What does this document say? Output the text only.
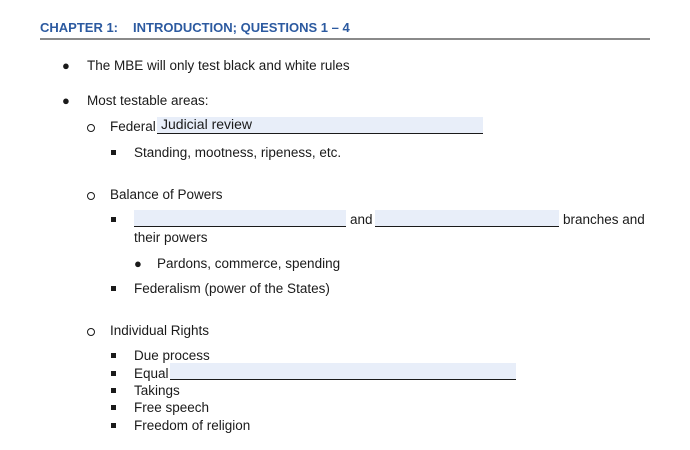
CHAPTER 1: INTRODUCTION; QUESTIONS 1 – 4
● The MBE will only test black and white rules
● Most testable areas:
Federal Judicial review
Standing, mootness, ripeness, etc.
Balance of Powers
and	branches and
their powers
● Pardons, commerce, spending
Federalism (power of the States)
Individual Rights
Due process
Equal
Takings
Free speech
Freedom of religion
